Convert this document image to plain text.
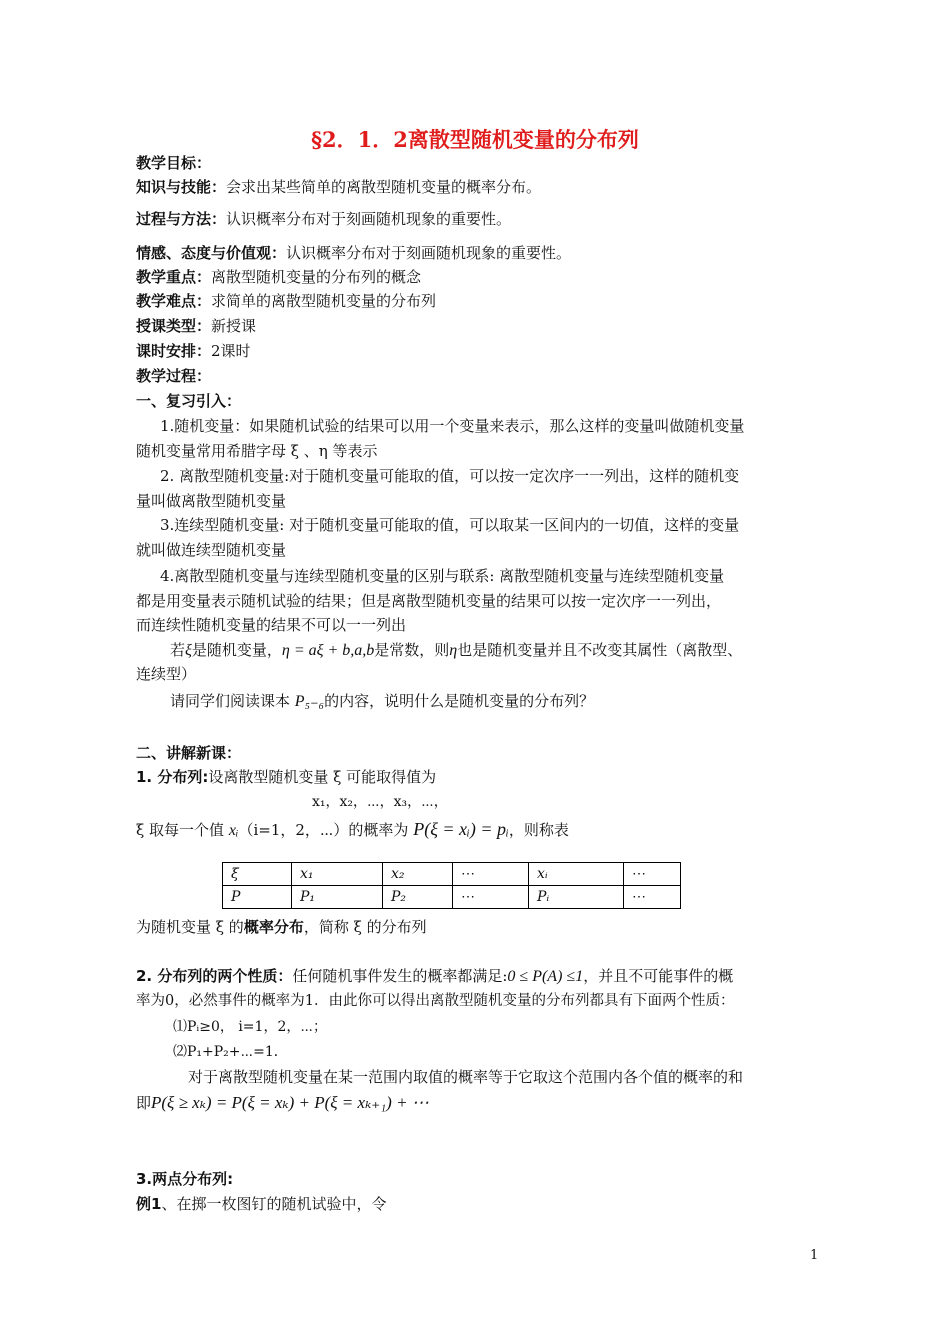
§2．1．2离散型随机变量的分布列
教学目标：
知识与技能：会求出某些简单的离散型随机变量的概率分布。
过程与方法：认识概率分布对于刻画随机现象的重要性。
情感、态度与价值观：认识概率分布对于刻画随机现象的重要性。
教学重点：离散型随机变量的分布列的概念
教学难点：求简单的离散型随机变量的分布列
授课类型：新授课
课时安排：2课时
教学过程：
一、复习引入：
1.随机变量：如果随机试验的结果可以用一个变量来表示，那么这样的变量叫做随机变量
随机变量常用希腊字母 ξ 、η 等表示
2. 离散型随机变量:对于随机变量可能取的值，可以按一定次序一一列出，这样的随机变
量叫做离散型随机变量
3.连续型随机变量: 对于随机变量可能取的值，可以取某一区间内的一切值，这样的变量
就叫做连续型随机变量
4.离散型随机变量与连续型随机变量的区别与联系: 离散型随机变量与连续型随机变量
都是用变量表示随机试验的结果；但是离散型随机变量的结果可以按一定次序一一列出，
而连续性随机变量的结果不可以一一列出
若ξ是随机变量，η = aξ + b,a,b是常数，则η也是随机变量并且不改变其属性（离散型、
连续型）
请同学们阅读课本 P₅₋₆的内容，说明什么是随机变量的分布列？
二、讲解新课：
1. 分布列:设离散型随机变量 ξ 可能取得值为
x₁，x₂，⋯，x₃，⋯，
ξ 取每一个值 xᵢ（i=1，2，⋯）的概率为 P(ξ = xᵢ) = pᵢ，则称表
ξ	x₁	x₂	⋯	xᵢ	⋯
P	P₁	P₂	⋯	Pᵢ	⋯
为随机变量 ξ 的概率分布，简称 ξ 的分布列
2. 分布列的两个性质：任何随机事件发生的概率都满足:0 ≤ P(A) ≤1，并且不可能事件的概
率为0，必然事件的概率为1．由此你可以得出离散型随机变量的分布列都具有下面两个性质：
⑴Pᵢ≥0， i=1，2，⋯；
⑵P₁+P₂+⋯=1．
对于离散型随机变量在某一范围内取值的概率等于它取这个范围内各个值的概率的和
即P(ξ ≥ xₖ) = P(ξ = xₖ) + P(ξ = xₖ₊₁) + ⋯
3.两点分布列:
例1、在掷一枚图钉的随机试验中，令
1
